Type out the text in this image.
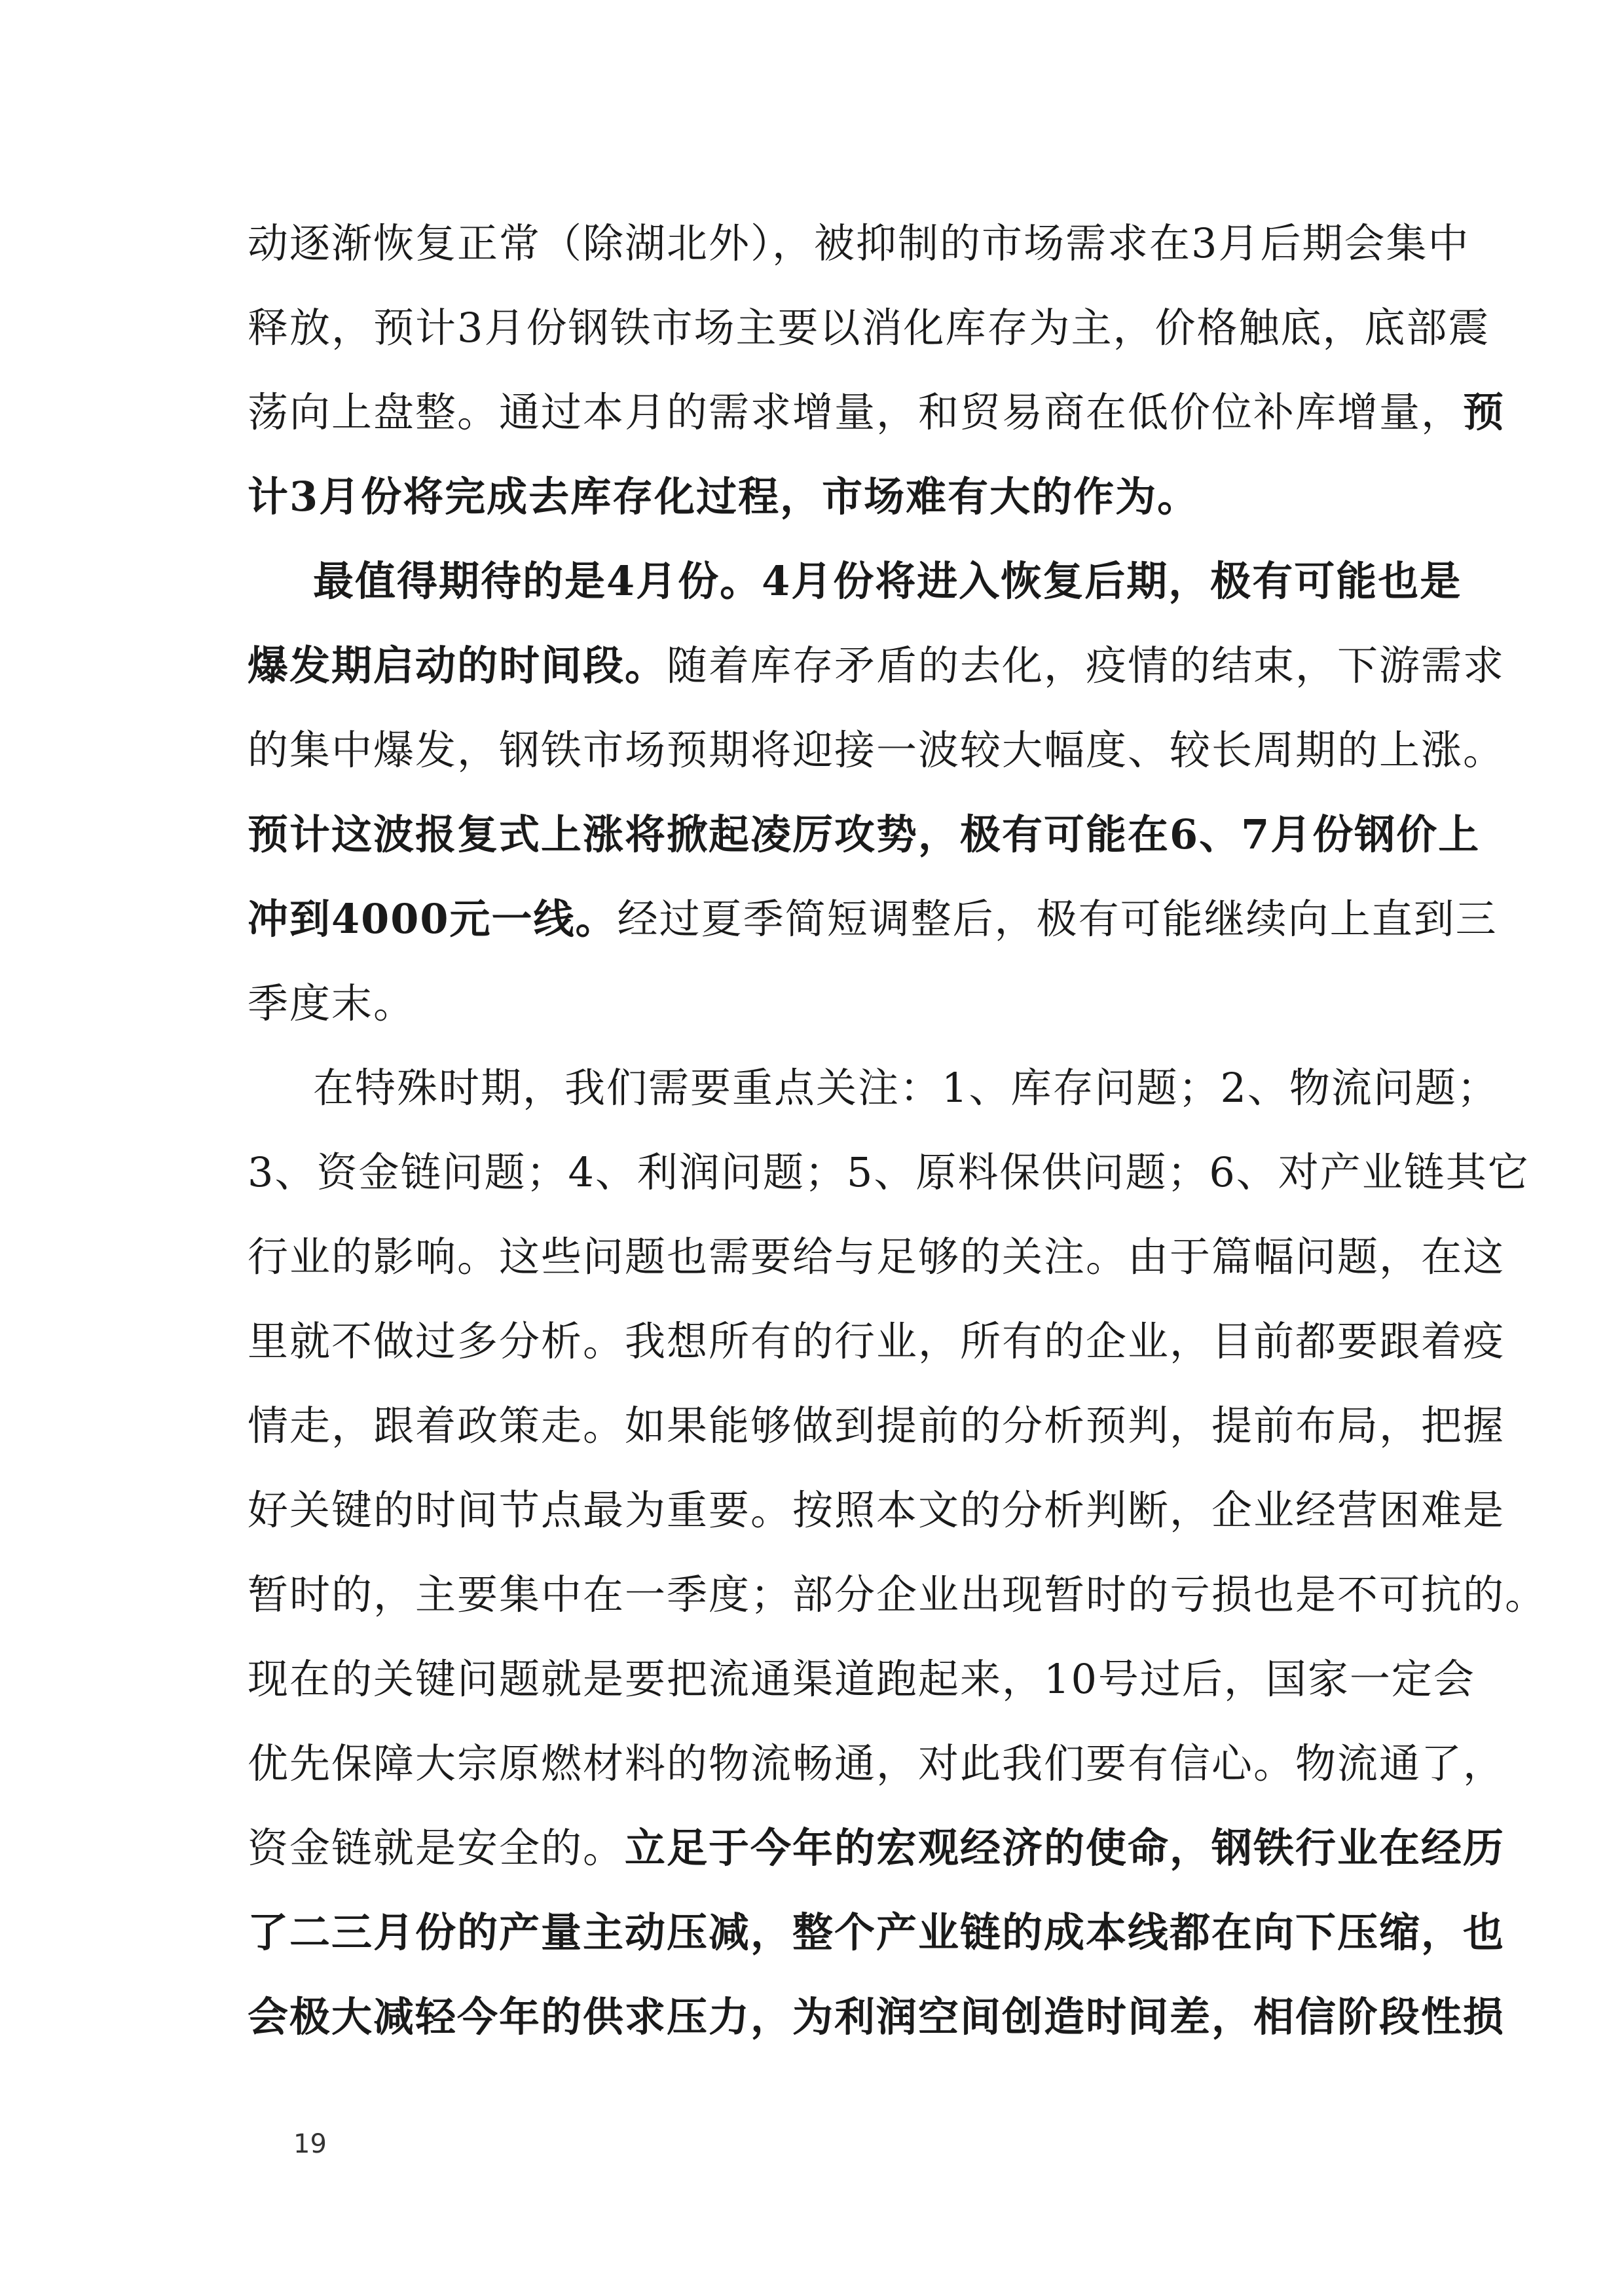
动逐渐恢复正常（除湖北外），被抑制的市场需求在3月后期会集中
释放，预计3月份钢铁市场主要以消化库存为主，价格触底，底部震
荡向上盘整。通过本月的需求增量，和贸易商在低价位补库增量，预
计3月份将完成去库存化过程，市场难有大的作为。
最值得期待的是4月份。4月份将进入恢复后期，极有可能也是
爆发期启动的时间段。随着库存矛盾的去化，疫情的结束，下游需求
的集中爆发，钢铁市场预期将迎接一波较大幅度、较长周期的上涨。
预计这波报复式上涨将掀起凌厉攻势，极有可能在6、7月份钢价上
冲到4000元一线。经过夏季简短调整后，极有可能继续向上直到三
季度末。
在特殊时期，我们需要重点关注：1、库存问题；2、物流问题；
3、资金链问题；4、利润问题；5、原料保供问题；6、对产业链其它
行业的影响。这些问题也需要给与足够的关注。由于篇幅问题，在这
里就不做过多分析。我想所有的行业，所有的企业，目前都要跟着疫
情走，跟着政策走。如果能够做到提前的分析预判，提前布局，把握
好关键的时间节点最为重要。按照本文的分析判断，企业经营困难是
暂时的，主要集中在一季度；部分企业出现暂时的亏损也是不可抗的。
现在的关键问题就是要把流通渠道跑起来，10号过后，国家一定会
优先保障大宗原燃材料的物流畅通，对此我们要有信心。物流通了，
资金链就是安全的。立足于今年的宏观经济的使命，钢铁行业在经历
了二三月份的产量主动压减，整个产业链的成本线都在向下压缩，也
会极大减轻今年的供求压力，为利润空间创造时间差，相信阶段性损
19
